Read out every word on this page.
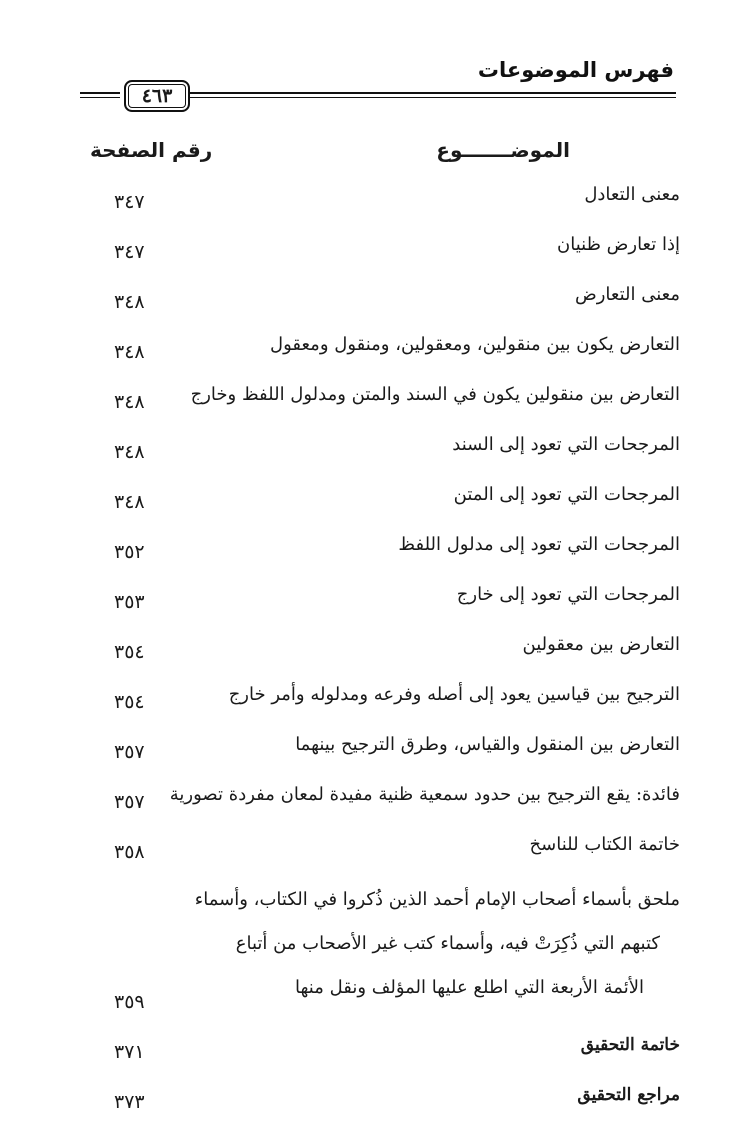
فهرس الموضوعات
٤٦٣
الموضـــــــوع
رقم الصفحة
معنى التعادل
٣٤٧
إذا تعارض ظنيان
٣٤٧
معنى التعارض
٣٤٨
التعارض يكون بين منقولين، ومعقولين، ومنقول ومعقول
٣٤٨
التعارض بين منقولين يكون في السند والمتن ومدلول اللفظ وخارج
٣٤٨
المرجحات التي تعود إلى السند
٣٤٨
المرجحات التي تعود إلى المتن
٣٤٨
المرجحات التي تعود إلى مدلول اللفظ
٣٥٢
المرجحات التي تعود إلى خارج
٣٥٣
التعارض بين معقولين
٣٥٤
الترجيح بين قياسين يعود إلى أصله وفرعه ومدلوله وأمر خارج
٣٥٤
التعارض بين المنقول والقياس، وطرق الترجيح بينهما
٣٥٧
فائدة: يقع الترجيح بين حدود سمعية ظنية مفيدة لمعان مفردة تصورية
٣٥٧
خاتمة الكتاب للناسخ
٣٥٨
ملحق بأسماء أصحاب الإمام أحمد الذين ذُكروا في الكتاب، وأسماء
كتبهم التي ذُكِرَتْ فيه، وأسماء كتب غير الأصحاب من أتباع
الأئمة الأربعة التي اطلع عليها المؤلف ونقل منها
٣٥٩
خاتمة التحقيق
٣٧١
مراجع التحقيق
٣٧٣
